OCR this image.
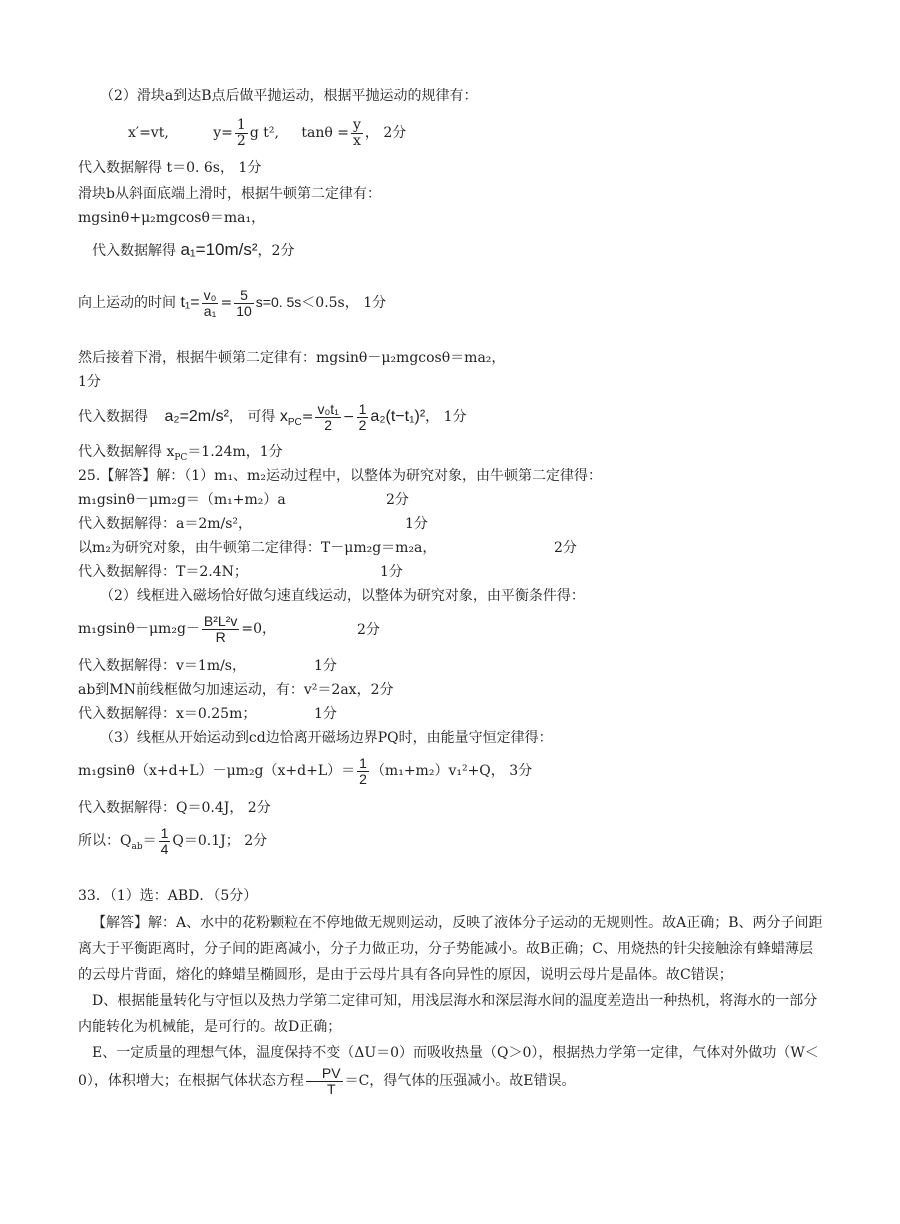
（2）滑块a到达B点后做平抛运动，根据平抛运动的规律有：
x′=vt,	$y= \frac{1}{2}$ g t², $\tan\theta = \frac{y}{x}$ ， 2分
代入数据解得 t＝0. 6s， 1分
滑块b从斜面底端上滑时，根据牛顿第二定律有：
mgsinθ+μ₂mgcosθ＝ma₁，
代入数据解得 a₁=10m/s²，2分
向上运动的时间 $t_1= \frac{\text{v₀}}{\text{a₁}} = \frac{5}{10} s=0$. 5s＜0.5s， 1分
然后接着下滑，根据牛顿第二定律有：mgsinθ－μ₂mgcosθ＝ma₂，
1分
代入数据得 a₂=2m/s²， 可得 $x_{PC}= \frac{\text{v₀t₁}}{2} - \frac{1}{2} a_2(t-t_1)^2$， 1分
代入数据解得 $x_{PC}=1.24m$，1分
25.【解答】解：（1）m₁、m₂运动过程中，以整体为研究对象，由牛顿第二定律得：
m₁gsinθ－μm₂g＝（m₁+m₂）a	2分
代入数据解得：a＝2m/s²，	1分
以m₂为研究对象，由牛顿第二定律得：T－μm₂g＝m₂a，	2分
代入数据解得：T＝2.4N；	1分
（2）线框进入磁场恰好做匀速直线运动，以整体为研究对象，由平衡条件得：
$m_1gsin\theta-\mu m_2g- \frac{\text{B²L²v}}{R} =0$，	2分
代入数据解得：v＝1m/s，	1分
ab到MN前线框做匀加速运动，有：v²＝2ax，2分
代入数据解得：x＝0.25m；	1分
（3）线框从开始运动到cd边恰离开磁场边界PQ时，由能量守恒定律得：
$m_1gsin\theta(x+d+L)-\mu m_2g(x+d+L)= \frac{1}{2} (m_1+m_2)v_1^2+Q$， 3分
代入数据解得：Q＝0.4J， 2分
所以：$Q_{ab}= \frac{1}{4} Q=0.1J$； 2分
33．（1）选：ABD．（5分）
【解答】解：A、水中的花粉颗粒在不停地做无规则运动，反映了液体分子运动的无规则性。故A正确；B、两分子间距离大于平衡距离时，分子间的距离减小，分子力做正功，分子势能减小。故B正确；C、用烧热的针尖接触涂有蜂蜡薄层的云母片背面，熔化的蜂蜡呈椭圆形，是由于云母片具有各向异性的原因，说明云母片是晶体。故C错误；
D、根据能量转化与守恒以及热力学第二定律可知，用浅层海水和深层海水间的温度差造出一种热机，将海水的一部分内能转化为机械能，是可行的。故D正确；
E、一定质量的理想气体，温度保持不变（ΔU＝0）而吸收热量（Q＞0），根据热力学第一定律，气体对外做功（W＜0），体积增大；在根据气体状态方程 $\frac{PV}{T} =C$，得气体的压强减小。故E错误。
